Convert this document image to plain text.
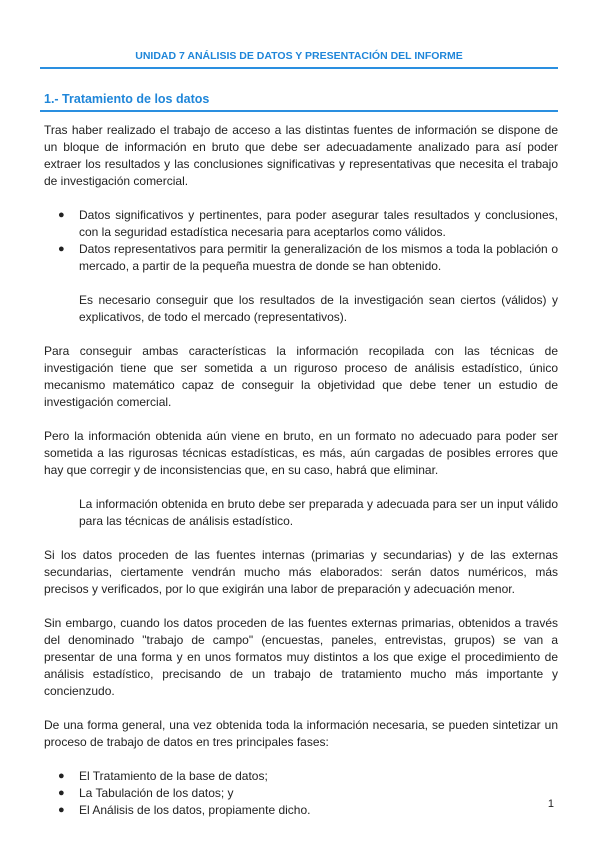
UNIDAD 7 ANÁLISIS DE DATOS Y PRESENTACIÓN DEL INFORME
1.- Tratamiento de los datos

Tras haber realizado el trabajo de acceso a las distintas fuentes de información se dispone de un bloque de información en bruto que debe ser adecuadamente analizado para así poder extraer los resultados y las conclusiones significativas y representativas que necesita el trabajo de investigación comercial.

● Datos significativos y pertinentes, para poder asegurar tales resultados y conclusiones, con la seguridad estadística necesaria para aceptarlos como válidos.
● Datos representativos para permitir la generalización de los mismos a toda la población o mercado, a partir de la pequeña muestra de donde se han obtenido.
Es necesario conseguir que los resultados de la investigación sean ciertos (válidos) y explicativos, de todo el mercado (representativos).

Para conseguir ambas características la información recopilada con las técnicas de investigación tiene que ser sometida a un riguroso proceso de análisis estadístico, único mecanismo matemático capaz de conseguir la objetividad que debe tener un estudio de investigación comercial.

Pero la información obtenida aún viene en bruto, en un formato no adecuado para poder ser sometida a las rigurosas técnicas estadísticas, es más, aún cargadas de posibles errores que hay que corregir y de inconsistencias que, en su caso, habrá que eliminar.

La información obtenida en bruto debe ser preparada y adecuada para ser un input válido para las técnicas de análisis estadístico.

Si los datos proceden de las fuentes internas (primarias y secundarias) y de las externas secundarias, ciertamente vendrán mucho más elaborados: serán datos numéricos, más precisos y verificados, por lo que exigirán una labor de preparación y adecuación menor.

Sin embargo, cuando los datos proceden de las fuentes externas primarias, obtenidos a través del denominado "trabajo de campo" (encuestas, paneles, entrevistas, grupos) se van a presentar de una forma y en unos formatos muy distintos a los que exige el procedimiento de análisis estadístico, precisando de un trabajo de tratamiento mucho más importante y concienzudo.

De una forma general, una vez obtenida toda la información necesaria, se pueden sintetizar un proceso de trabajo de datos en tres principales fases:

● El Tratamiento de la base de datos;
● La Tabulación de los datos; y
● El Análisis de los datos, propiamente dicho.	1
